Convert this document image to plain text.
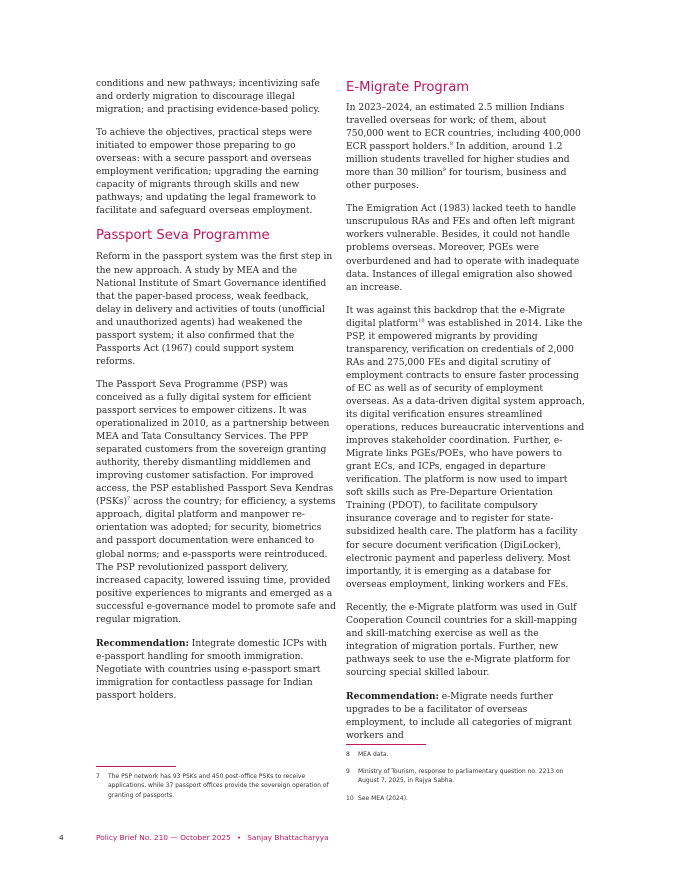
conditions and new pathways; incentivizing safe and orderly migration to discourage illegal migration; and practising evidence-based policy.

To achieve the objectives, practical steps were initiated to empower those preparing to go overseas: with a secure passport and overseas employment verification; upgrading the earning capacity of migrants through skills and new pathways; and updating the legal framework to facilitate and safeguard overseas employment.

Passport Seva Programme

Reform in the passport system was the first step in the new approach. A study by MEA and the National Institute of Smart Governance identified that the paper-based process, weak feedback, delay in delivery and activities of touts (unofficial and unauthorized agents) had weakened the passport system; it also confirmed that the Passports Act (1967) could support system reforms.

The Passport Seva Programme (PSP) was conceived as a fully digital system for efficient passport services to empower citizens. It was operationalized in 2010, as a partnership between MEA and Tata Consultancy Services. The PPP separated customers from the sovereign granting authority, thereby dismantling middlemen and improving customer satisfaction. For improved access, the PSP established Passport Seva Kendras (PSKs)$^7$ across the country; for efficiency, a systems approach, digital platform and manpower re-orientation was adopted; for security, biometrics and passport documentation were enhanced to global norms; and e-passports were reintroduced. The PSP revolutionized passport delivery, increased capacity, lowered issuing time, provided positive experiences to migrants and emerged as a successful e-governance model to promote safe and regular migration.

Recommendation: Integrate domestic ICPs with e-passport handling for smooth immigration. Negotiate with countries using e-passport smart immigration for contactless passage for Indian passport holders.

E-Migrate Program

In 2023–2024, an estimated 2.5 million Indians travelled overseas for work; of them, about 750,000 went to ECR countries, including 400,000 ECR passport holders.$^8$ In addition, around 1.2 million students travelled for higher studies and more than 30 million$^9$ for tourism, business and other purposes.

The Emigration Act (1983) lacked teeth to handle unscrupulous RAs and FEs and often left migrant workers vulnerable. Besides, it could not handle problems overseas. Moreover, PGEs were overburdened and had to operate with inadequate data. Instances of illegal emigration also showed an increase.

It was against this backdrop that the e-Migrate digital platform$^{10}$ was established in 2014. Like the PSP, it empowered migrants by providing transparency, verification on credentials of 2,000 RAs and 275,000 FEs and digital scrutiny of employment contracts to ensure faster processing of EC as well as of security of employment overseas. As a data-driven digital system approach, its digital verification ensures streamlined operations, reduces bureaucratic interventions and improves stakeholder coordination. Further, e-Migrate links PGEs/POEs, who have powers to grant ECs, and ICPs, engaged in departure verification. The platform is now used to impart soft skills such as Pre-Departure Orientation Training (PDOT), to facilitate compulsory insurance coverage and to register for state-subsidized health care. The platform has a facility for secure document verification (DigiLocker), electronic payment and paperless delivery. Most importantly, it is emerging as a database for overseas employment, linking workers and FEs.

Recently, the e-Migrate platform was used in Gulf Cooperation Council countries for a skill-mapping and skill-matching exercise as well as the integration of migration portals. Further, new pathways seek to use the e-Migrate platform for sourcing special skilled labour.

Recommendation: e-Migrate needs further upgrades to be a facilitator of overseas employment, to include all categories of migrant workers and

7 The PSP network has 93 PSKs and 450 post-office PSKs to receive applications, while 37 passport offices provide the sovereign operation of granting of passports.
8 MEA data.
9 Ministry of Tourism, response to parliamentary question no. 2213 on August 7, 2025, in Rajya Sabha.
10 See MEA (2024).
4	Policy Brief No. 210 — October 2025 • Sanjay Bhattacharyya
